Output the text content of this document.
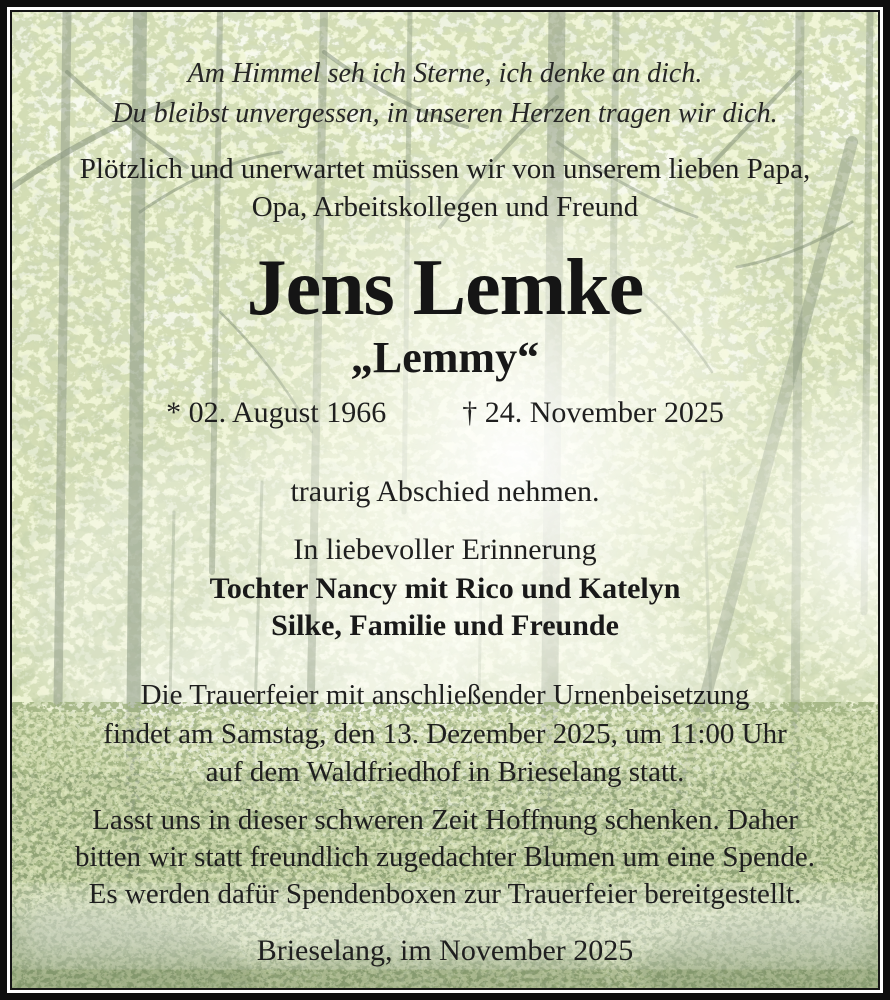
Am Himmel seh ich Sterne, ich denke an dich.
Du bleibst unvergessen, in unseren Herzen tragen wir dich.
Plötzlich und unerwartet müssen wir von unserem lieben Papa,
Opa, Arbeitskollegen und Freund
Jens Lemke
„Lemmy“
* 02. August 1966	† 24. November 2025
traurig Abschied nehmen.
In liebevoller Erinnerung
Tochter Nancy mit Rico und Katelyn
Silke, Familie und Freunde
Die Trauerfeier mit anschließender Urnenbeisetzung
findet am Samstag, den 13. Dezember 2025, um 11:00 Uhr
auf dem Waldfriedhof in Brieselang statt.
Lasst uns in dieser schweren Zeit Hoffnung schenken. Daher
bitten wir statt freundlich zugedachter Blumen um eine Spende.
Es werden dafür Spendenboxen zur Trauerfeier bereitgestellt.
Brieselang, im November 2025
